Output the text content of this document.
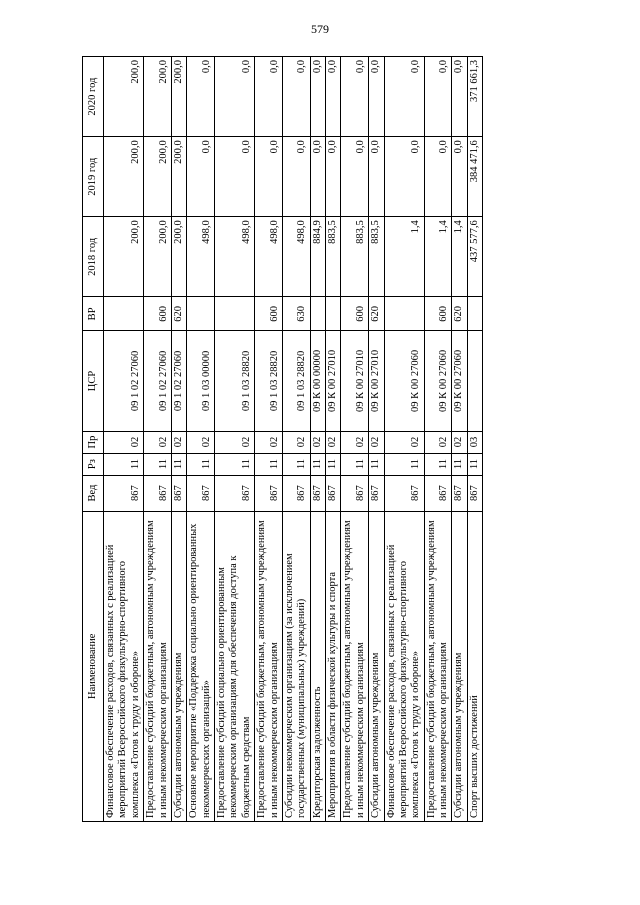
579
Наименование	Вед	Рз	Пр	ЦСР	ВР	2018 год	2019 год	2020 год
Финансовое обеспечение расходов, связанных с реализацией мероприятий Всероссийского физкультурно-спортивного комплекса «Готов к труду и обороне»	867	11	02	09 1 02 27060		200,0	200,0	200,0
Предоставление субсидий бюджетным, автономным учреждениям и иным некоммерческим организациям	867	11	02	09 1 02 27060	600	200,0	200,0	200,0
Субсидии автономным учреждениям	867	11	02	09 1 02 27060	620	200,0	200,0	200,0
Основное мероприятие «Поддержка социально ориентированных некоммерческих организаций»	867	11	02	09 1 03 00000		498,0	0,0	0,0
Предоставление субсидий социально ориентированным некоммерческим организациям для обеспечения доступа к бюджетным средствам	867	11	02	09 1 03 28820		498,0	0,0	0,0
Предоставление субсидий бюджетным, автономным учреждениям и иным некоммерческим организациям	867	11	02	09 1 03 28820	600	498,0	0,0	0,0
Субсидии некоммерческим организациям (за исключением государственных (муниципальных) учреждений)	867	11	02	09 1 03 28820	630	498,0	0,0	0,0
Кредиторская задолженность	867	11	02	09 К 00 00000		884,9	0,0	0,0
Мероприятия в области физической культуры и спорта	867	11	02	09 К 00 27010		883,5	0,0	0,0
Предоставление субсидий бюджетным, автономным учреждениям и иным некоммерческим организациям	867	11	02	09 К 00 27010	600	883,5	0,0	0,0
Субсидии автономным учреждениям	867	11	02	09 К 00 27010	620	883,5	0,0	0,0
Финансовое обеспечение расходов, связанных с реализацией мероприятий Всероссийского физкультурно-спортивного комплекса «Готов к труду и обороне»	867	11	02	09 К 00 27060		1,4	0,0	0,0
Предоставление субсидий бюджетным, автономным учреждениям и иным некоммерческим организациям	867	11	02	09 К 00 27060	600	1,4	0,0	0,0
Субсидии автономным учреждениям	867	11	02	09 К 00 27060	620	1,4	0,0	0,0
Спорт высших достижений	867	11	03			437 577,6	384 471,6	371 661,3
